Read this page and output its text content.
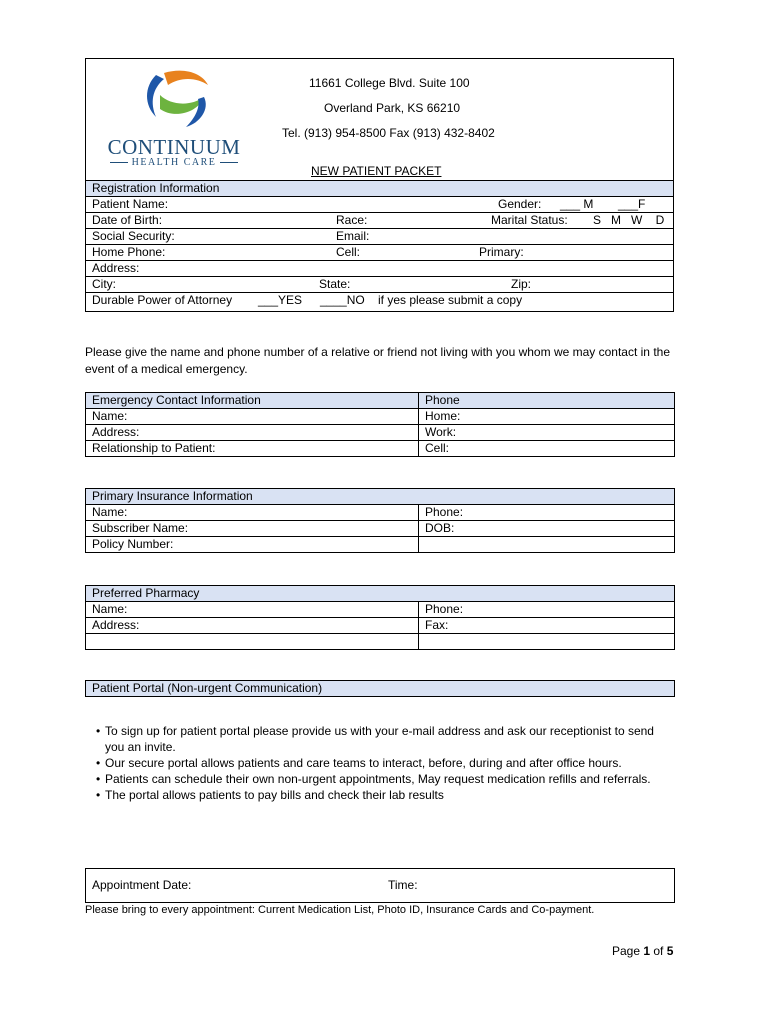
CONTINUUM
HEALTH CARE
11661 College Blvd. Suite 100
Overland Park, KS 66210
Tel. (913) 954-8500 Fax (913) 432-8402
NEW PATIENT PACKET
Registration Information
Patient Name:	Gender: ___ M ___F

Date of Birth:	Race:	Marital Status: S   M   W    D

Social Security:	Email:

Home Phone:	Cell:	Primary:

Address:
City:	State:	Zip:

Durable Power of Attorney ___YES ____NO if yes please submit a copy
Please give the name and phone number of a relative or friend not living with you whom we may contact in the event of a medical emergency.
Emergency Contact Information	Phone
Name:	Home:
Address:	Work:
Relationship to Patient:	Cell:
Primary Insurance Information	
Name:	Phone:
Subscriber Name:	DOB:
Policy Number:	
Preferred Pharmacy	
Name:	Phone:
Address:	Fax:

Patient Portal (Non-urgent Communication)
• To sign up for patient portal please provide us with your e-mail address and ask our receptionist to send you an invite.
• Our secure portal allows patients and care teams to interact, before, during and after office hours.
• Patients can schedule their own non-urgent appointments, May request medication refills and referrals.
• The portal allows patients to pay bills and check their lab results
Appointment Date:	Time:
Please bring to every appointment: Current Medication List, Photo ID, Insurance Cards and Co-payment.
Page 1 of 5
